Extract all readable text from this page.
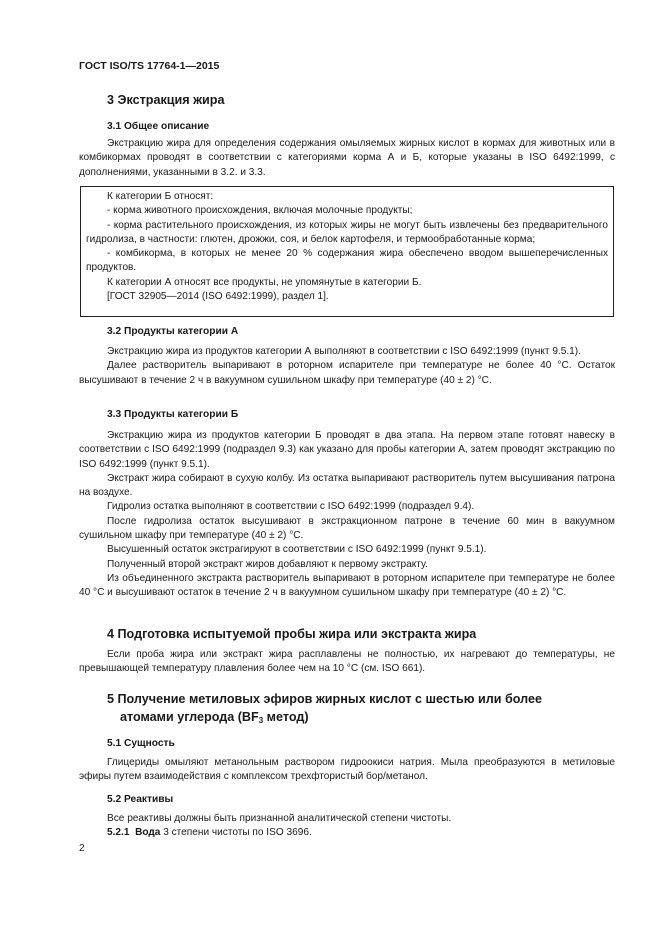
ГОСТ ISO/TS 17764-1—2015
3 Экстракция жира
3.1 Общее описание
Экстракцию жира для определения содержания омыляемых жирных кислот в кормах для животных или в комбикормах проводят в соответствии с категориями корма А и Б, которые указаны в ISO 6492:1999, с дополнениями, указанными в 3.2. и 3.3.
К категории Б относят:
- корма животного происхождения, включая молочные продукты;
- корма растительного происхождения, из которых жиры не могут быть извлечены без предварительного гидролиза, в частности: глютен, дрожжи, соя, и белок картофеля, и термообработанные корма;
- комбикорма, в которых не менее 20 % содержания жира обеспечено вводом вышеперечисленных продуктов.
К категории А относят все продукты, не упомянутые в категории Б.
[ГОСТ 32905—2014 (ISO 6492:1999), раздел 1].
3.2 Продукты категории А
Экстракцию жира из продуктов категории А выполняют в соответствии с ISO 6492:1999 (пункт 9.5.1).
Далее растворитель выпаривают в роторном испарителе при температуре не более 40 °С. Остаток высушивают в течение 2 ч в вакуумном сушильном шкафу при температуре (40 ± 2) °С.
3.3 Продукты категории Б
Экстракцию жира из продуктов категории Б проводят в два этапа. На первом этапе готовят навеску в соответствии с ISO 6492:1999 (подраздел 9.3) как указано для пробы категории А, затем проводят экстракцию по ISO 6492:1999 (пункт 9.5.1).
Экстракт жира собирают в сухую колбу. Из остатка выпаривают растворитель путем высушивания патрона на воздухе.
Гидролиз остатка выполняют в соответствии с ISO 6492:1999 (подраздел 9.4).
После гидролиза остаток высушивают в экстракционном патроне в течение 60 мин в вакуумном сушильном шкафу при температуре (40 ± 2) °С.
Высушенный остаток экстрагируют в соответствии с ISO 6492:1999 (пункт 9.5.1).
Полученный второй экстракт жиров добавляют к первому экстракту.
Из объединенного экстракта растворитель выпаривают в роторном испарителе при температуре не более 40 °С и высушивают остаток в течение 2 ч в вакуумном сушильном шкафу при температуре (40 ± 2) °С.
4 Подготовка испытуемой пробы жира или экстракта жира
Если проба жира или экстракт жира расплавлены не полностью, их нагревают до температуры, не превышающей температуру плавления более чем на 10 °С (см. ISO 661).
5 Получение метиловых эфиров жирных кислот с шестью или более
атомами углерода ($BF_3$ метод)
5.1 Сущность
Глицериды омыляют метанольным раствором гидроокиси натрия. Мыла преобразуются в метиловые эфиры путем взаимодействия с комплексом трехфтористый бор/метанол.
5.2 Реактивы
Все реактивы должны быть признанной аналитической степени чистоты.
5.2.1 Вода 3 степени чистоты по ISO 3696.
2
